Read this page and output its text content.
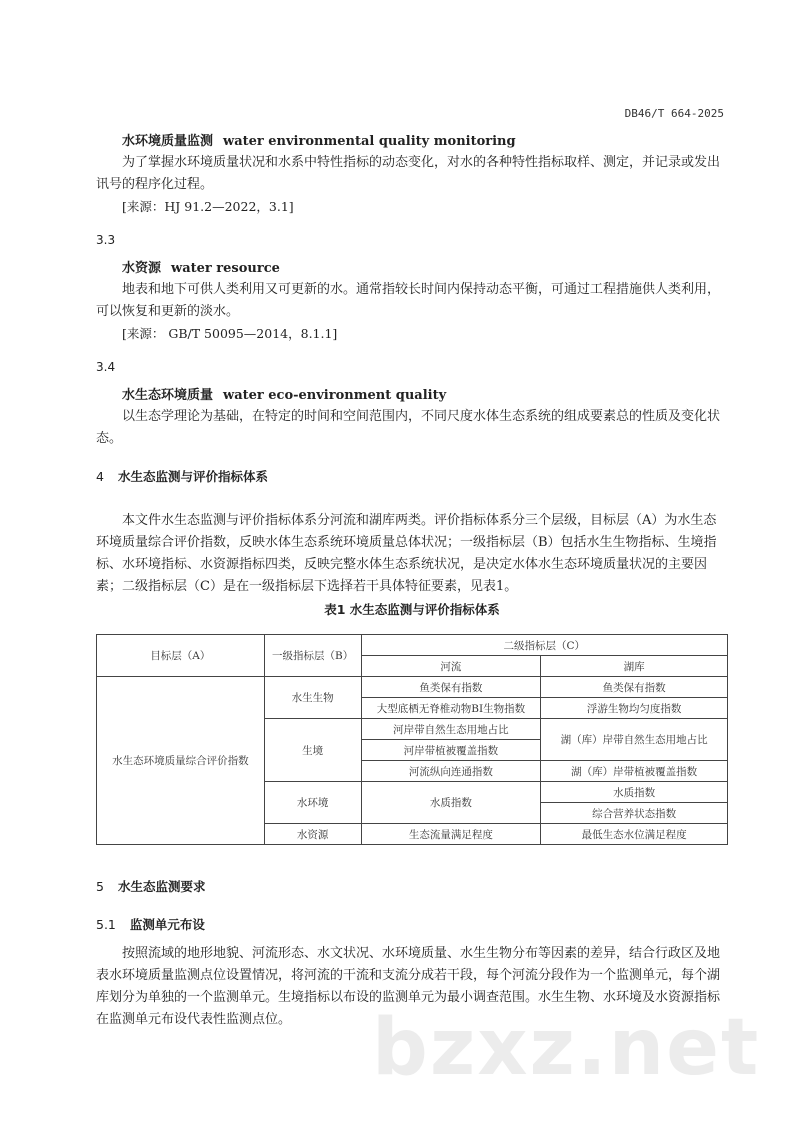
DB46/T 664-2025
水环境质量监测 water environmental quality monitoring
为了掌握水环境质量状况和水系中特性指标的动态变化，对水的各种特性指标取样、测定，并记录或发出讯号的程序化过程。
[来源：HJ 91.2—2022，3.1]
3.3
水资源 water resource
地表和地下可供人类利用又可更新的水。通常指较长时间内保持动态平衡，可通过工程措施供人类利用，可以恢复和更新的淡水。
[来源： GB/T 50095—2014，8.1.1]
3.4
水生态环境质量 water eco-environment quality
以生态学理论为基础，在特定的时间和空间范围内，不同尺度水体生态系统的组成要素总的性质及变化状态。
4 水生态监测与评价指标体系
本文件水生态监测与评价指标体系分河流和湖库两类。评价指标体系分三个层级，目标层（A）为水生态环境质量综合评价指数，反映水体生态系统环境质量总体状况；一级指标层（B）包括水生生物指标、生境指标、水环境指标、水资源指标四类，反映完整水体生态系统状况，是决定水体水生态环境质量状况的主要因素；二级指标层（C）是在一级指标层下选择若干具体特征要素，见表1。
表1 水生态监测与评价指标体系
目标层（A）	一级指标层（B）	二级指标层（C）	
		河流	湖库
水生态环境质量综合评价指数	水生生物	鱼类保有指数	鱼类保有指数
		大型底栖无脊椎动物BI生物指数	浮游生物均匀度指数
	生境	河岸带自然生态用地占比	湖（库）岸带自然生态用地占比
		河岸带植被覆盖指数	
		河流纵向连通指数	湖（库）岸带植被覆盖指数
	水环境	水质指数	水质指数
			综合营养状态指数
	水资源	生态流量满足程度	最低生态水位满足程度
5 水生态监测要求
5.1 监测单元布设
按照流域的地形地貌、河流形态、水文状况、水环境质量、水生生物分布等因素的差异，结合行政区及地表水环境质量监测点位设置情况，将河流的干流和支流分成若干段，每个河流分段作为一个监测单元，每个湖库划分为单独的一个监测单元。生境指标以布设的监测单元为最小调查范围。水生生物、水环境及水资源指标在监测单元布设代表性监测点位。	bzxz.net
